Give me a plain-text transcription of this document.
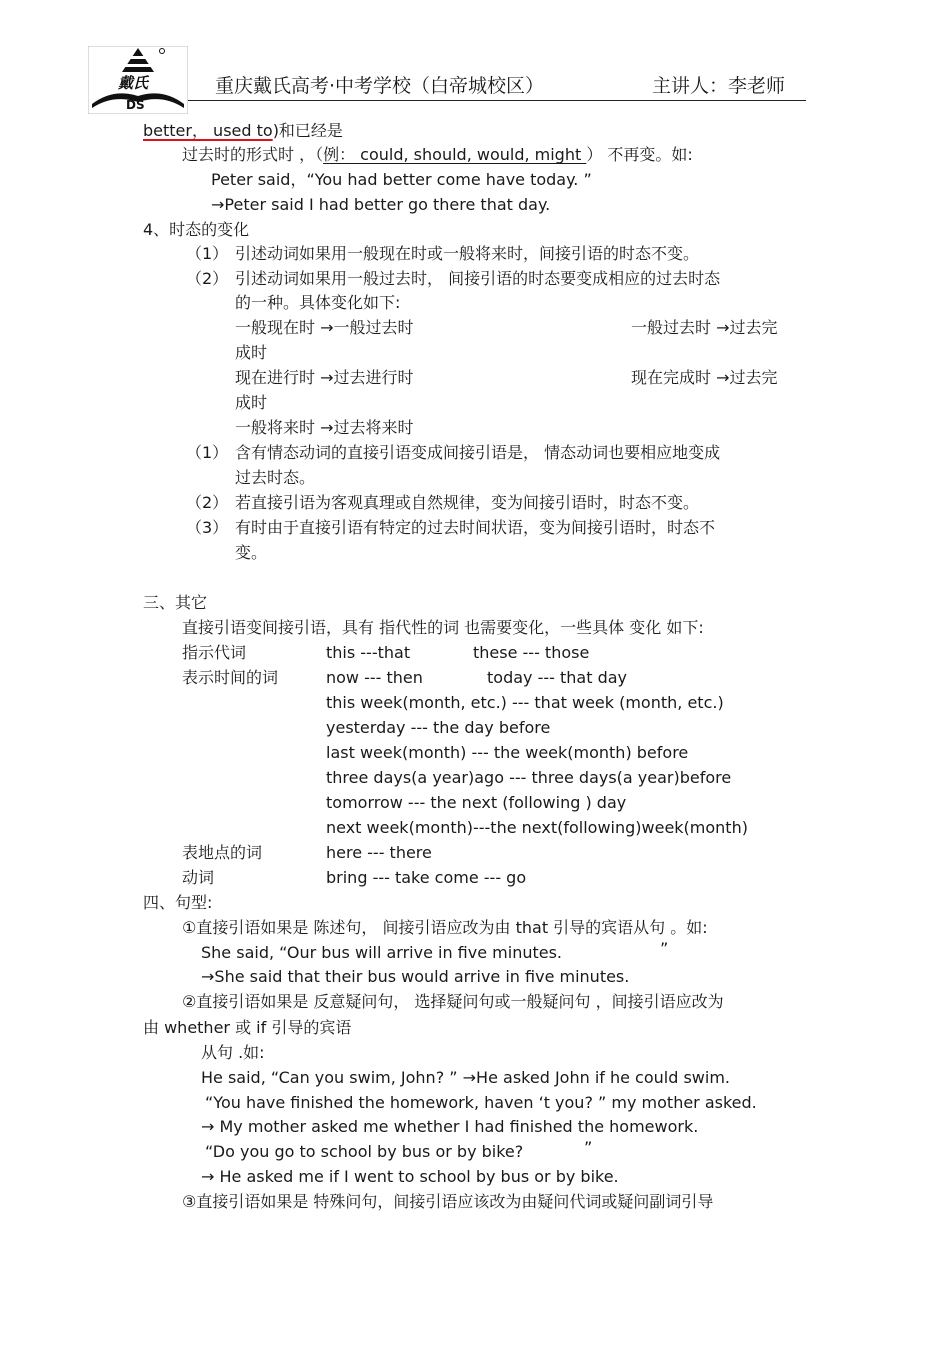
戴氏
DS
重庆戴氏高考·中考学校（白帝城校区）	主讲人：李老师
better， used to)和已经是
过去时的形式时 ，（例： could, should, would, might ） 不再变。如:
Peter said，“You had better come have today. ”
→Peter said I had better go there that day.
4、时态的变化
（1） 引述动词如果用一般现在时或一般将来时，间接引语的时态不变。
（2） 引述动词如果用一般过去时， 间接引语的时态要变成相应的过去时态
的一种。具体变化如下:
一般现在时 →一般过去时	一般过去时 →过去完
成时
现在进行时 →过去进行时	现在完成时 →过去完
成时
一般将来时 →过去将来时
（1） 含有情态动词的直接引语变成间接引语是， 情态动词也要相应地变成
过去时态。
（2） 若直接引语为客观真理或自然规律，变为间接引语时，时态不变。
（3） 有时由于直接引语有特定的过去时间状语，变为间接引语时，时态不
变。
三、其它
直接引语变间接引语，具有 指代性的词 也需要变化，一些具体 变化 如下:
指示代词	this ---that	these --- those
表示时间的词	now --- then	today --- that day
this week(month, etc.) --- that week (month, etc.)
yesterday --- the day before
last week(month) --- the week(month) before
three days(a year)ago --- three days(a year)before
tomorrow --- the next (following ) day
next week(month)---the next(following)week(month)
表地点的词	here --- there
动词	bring --- take come --- go
四、句型:
①直接引语如果是 陈述句， 间接引语应改为由 that 引导的宾语从句 。如:
She said, “Our bus will arrive in five minutes.	”
→She said that their bus would arrive in five minutes.
②直接引语如果是 反意疑问句， 选择疑问句或一般疑问句 ，间接引语应改为
由 whether 或 if 引导的宾语
从句 .如:
He said, “Can you swim, John? ” →He asked John if he could swim.
“You have finished the homework, haven ‘t you? ” my mother asked.
→ My mother asked me whether I had finished the homework.
“Do you go to school by bus or by bike?	”
→ He asked me if I went to school by bus or by bike.
③直接引语如果是 特殊问句，间接引语应该改为由疑问代词或疑问副词引导
